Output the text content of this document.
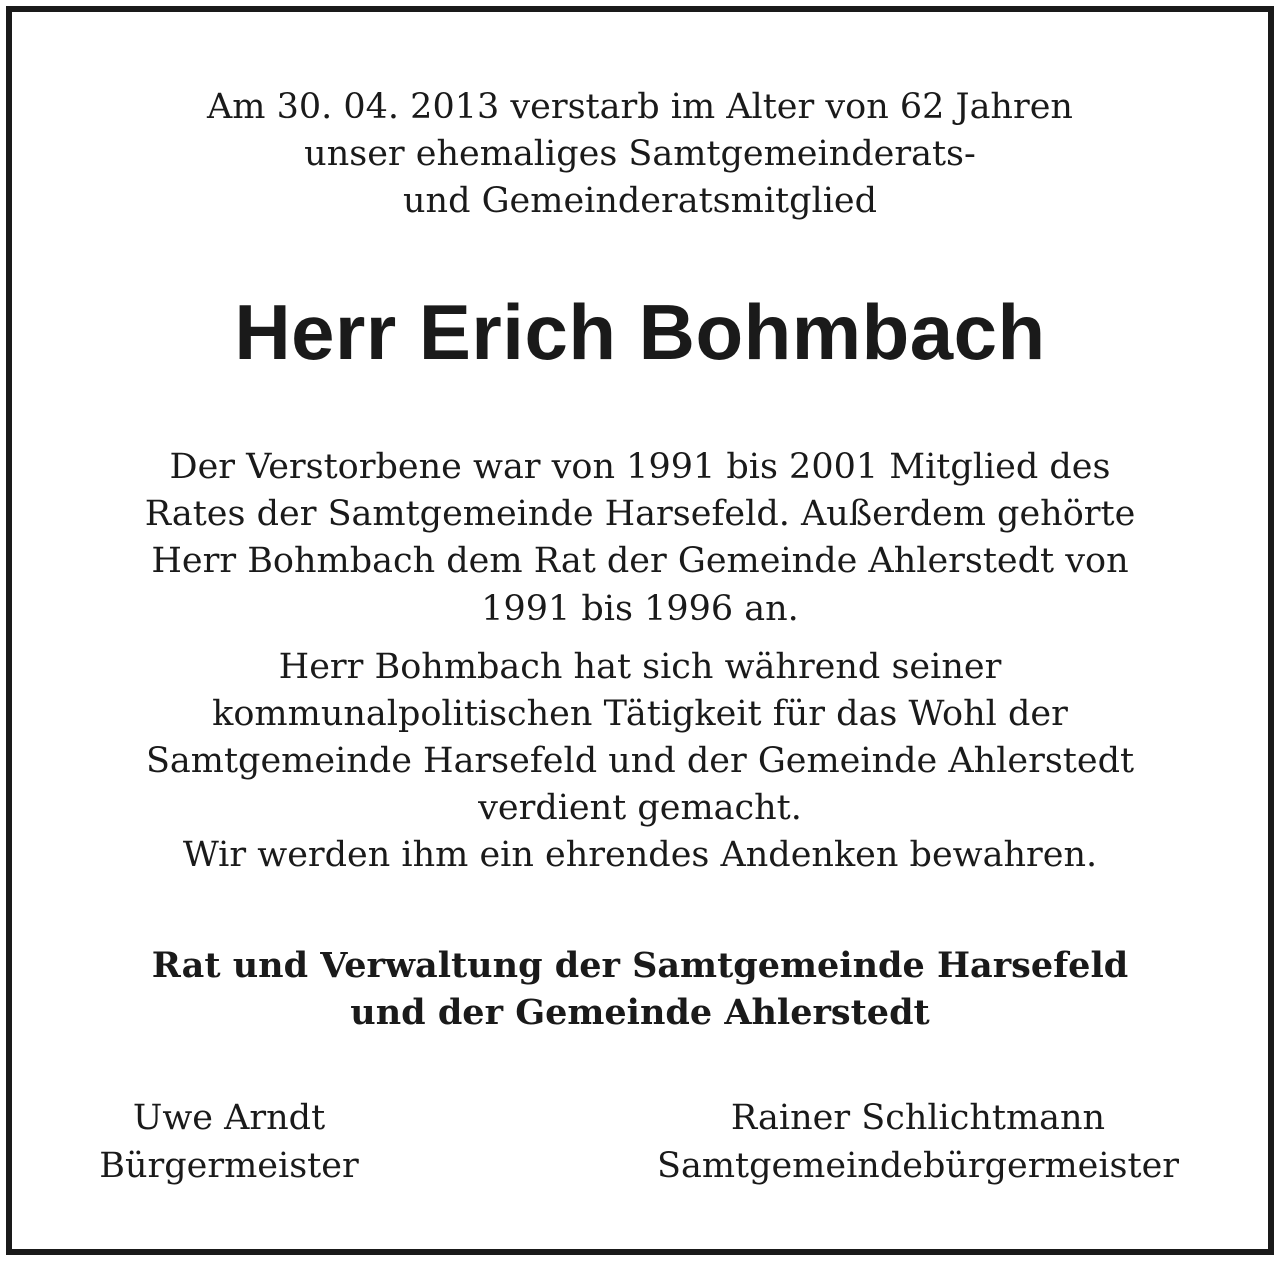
Am 30. 04. 2013 verstarb im Alter von 62 Jahren

unser ehemaliges Samtgemeinderats-

und Gemeinderatsmitglied

Herr Erich Bohmbach

Der Verstorbene war von 1991 bis 2001 Mitglied des

Rates der Samtgemeinde Harsefeld. Außerdem gehörte

Herr Bohmbach dem Rat der Gemeinde Ahlerstedt von

1991 bis 1996 an.

Herr Bohmbach hat sich während seiner

kommunalpolitischen Tätigkeit für das Wohl der

Samtgemeinde Harsefeld und der Gemeinde Ahlerstedt

verdient gemacht.

Wir werden ihm ein ehrendes Andenken bewahren.

Rat und Verwaltung der Samtgemeinde Harsefeld

und der Gemeinde Ahlerstedt

Uwe Arndt
Bürgermeister
Rainer Schlichtmann
Samtgemeindebürgermeister
